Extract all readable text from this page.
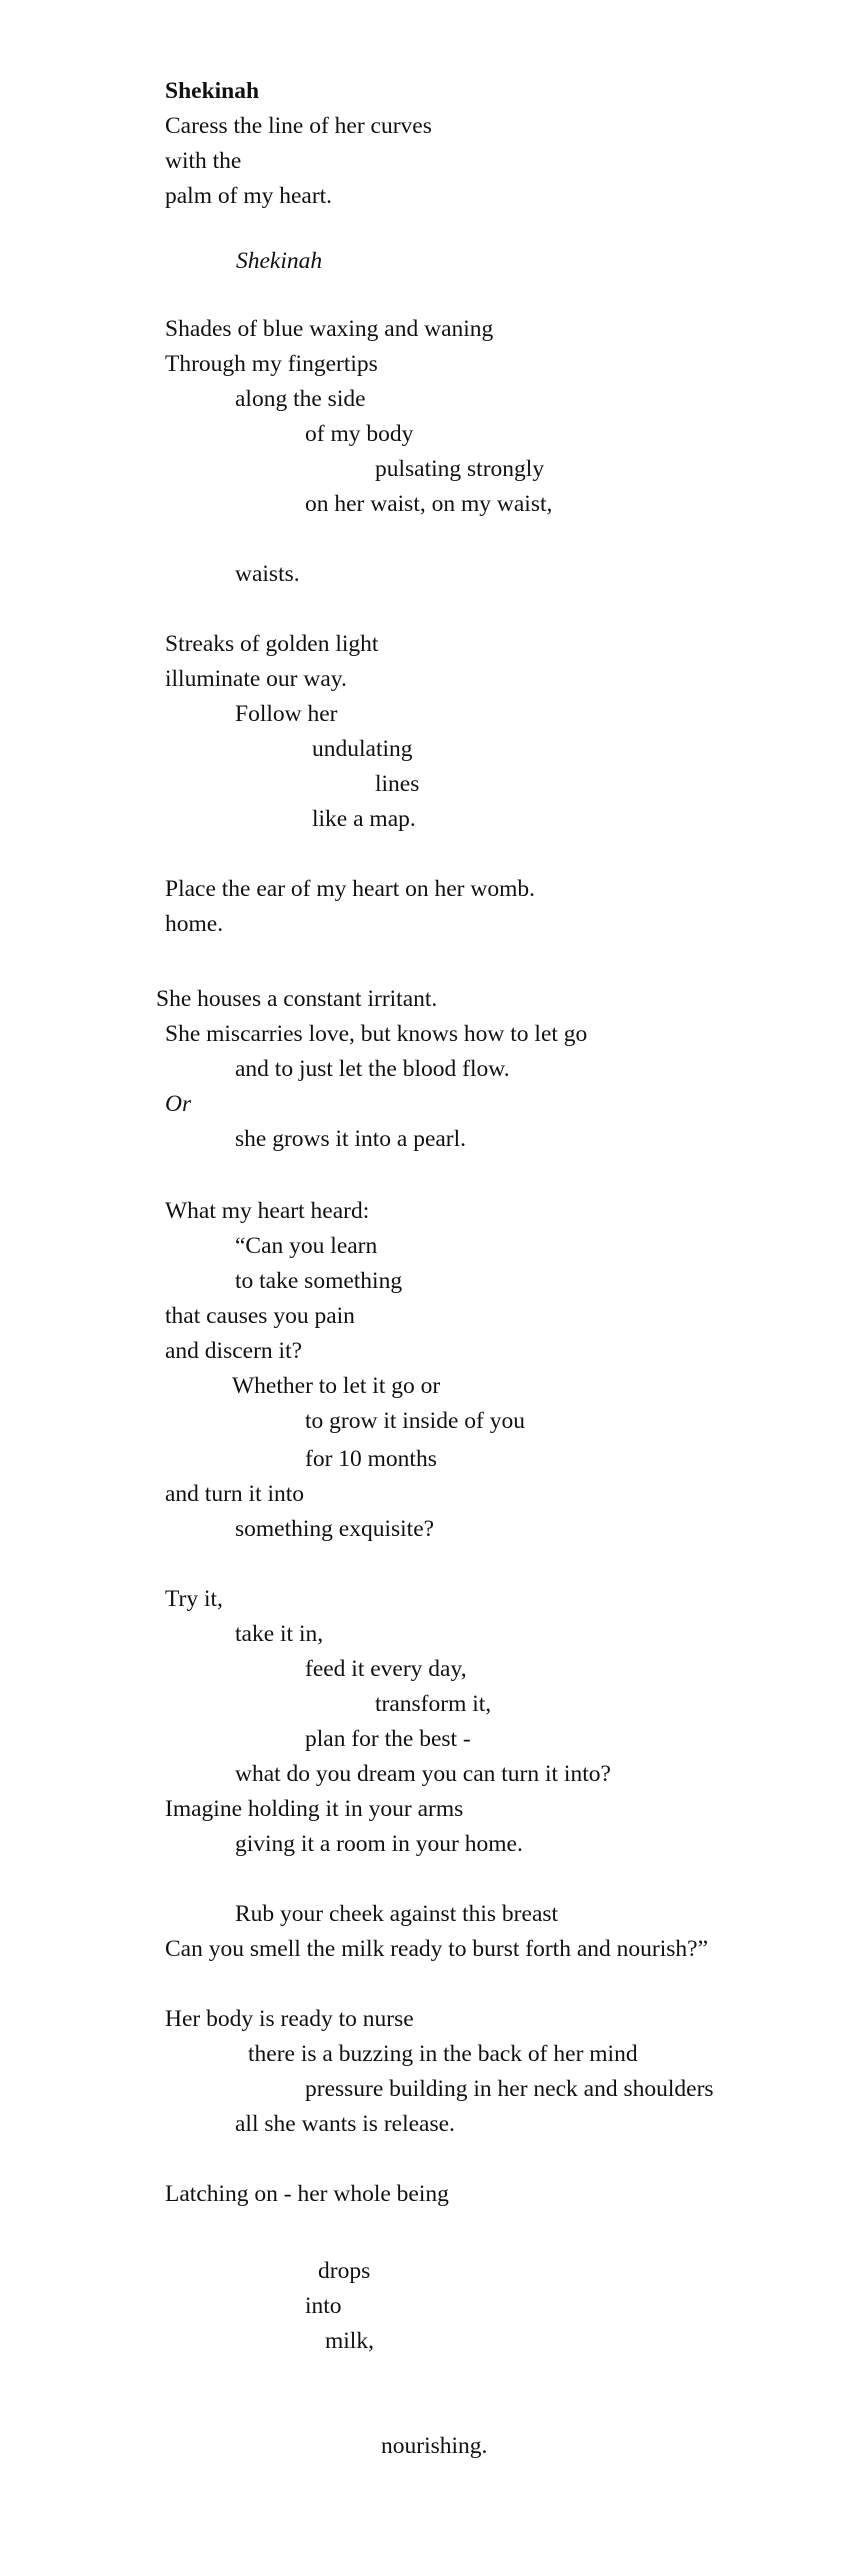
Shekinah

Caress the line of her curves

with the

palm of my heart.

Shekinah

Shades of blue waxing and waning

Through my fingertips

along the side

of my body

pulsating strongly

on her waist, on my waist,

waists.

Streaks of golden light

illuminate our way.

Follow her

undulating

lines

like a map.

Place the ear of my heart on her womb.

home.

She houses a constant irritant.

She miscarries love, but knows how to let go

and to just let the blood flow.

Or

she grows it into a pearl.

What my heart heard:

“Can you learn

to take something

that causes you pain

and discern it?

Whether to let it go or

to grow it inside of you

for 10 months

and turn it into

something exquisite?

Try it,

take it in,

feed it every day,

transform it,

plan for the best -

what do you dream you can turn it into?

Imagine holding it in your arms

giving it a room in your home.

Rub your cheek against this breast

Can you smell the milk ready to burst forth and nourish?”

Her body is ready to nurse

there is a buzzing in the back of her mind

pressure building in her neck and shoulders

all she wants is release.

Latching on - her whole being

drops

into

milk,

nourishing.
